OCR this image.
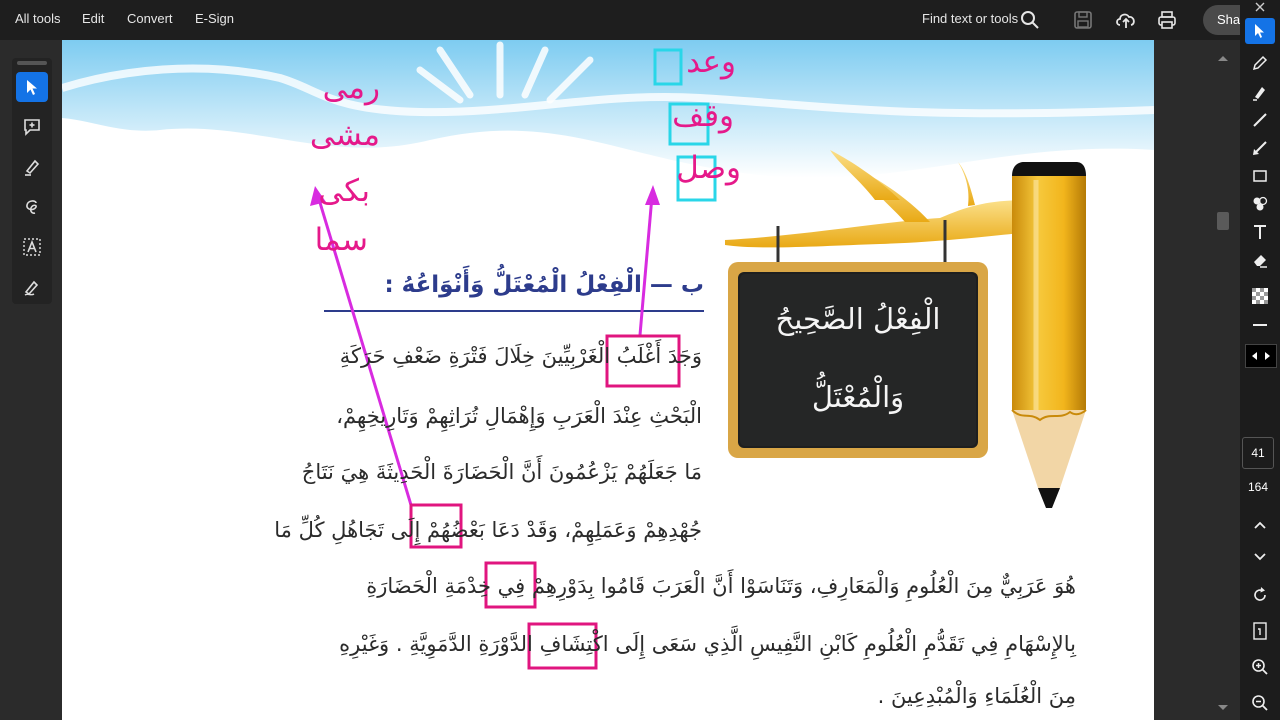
All tools Edit Convert E-Sign	Find text or tools	Sha
رمى
مشى
بكى
سما
وعد
وقف
وصل
ب — الْفِعْلُ الْمُعْتَلُّ وَأَنْوَاعُهُ :
الْفِعْلُ الصَّحِيحُ
وَالْمُعْتَلُّ
وَجَدَ أَغْلَبُ الْغَرْبِيِّينَ خِلَالَ فَتْرَةِ ضَعْفِ حَرَكَةِ
الْبَحْثِ عِنْدَ الْعَرَبِ وَإِهْمَالِ تُرَاثِهِمْ وَتَارِيخِهِمْ،
مَا جَعَلَهُمْ يَزْعُمُونَ أَنَّ الْحَضَارَةَ الْحَدِيثَةَ هِيَ نَتَاجُ
جُهْدِهِمْ وَعَمَلِهِمْ، وَقَدْ دَعَا بَعْضُهُمْ إِلَى تَجَاهُلِ كُلِّ مَا
هُوَ عَرَبِيٌّ مِنَ الْعُلُومِ وَالْمَعَارِفِ، وَتَنَاسَوْا أَنَّ الْعَرَبَ قَامُوا بِدَوْرِهِمْ فِي خِدْمَةِ الْحَضَارَةِ
بِالإِسْهَامِ فِي تَقَدُّمِ الْعُلُومِ كَابْنِ النَّفِيسِ الَّذِي سَعَى إِلَى اكْتِشَافِ الدَّوْرَةِ الدَّمَوِيَّةِ . وَغَيْرِهِ
مِنَ الْعُلَمَاءِ وَالْمُبْدِعِينَ .
41
164
